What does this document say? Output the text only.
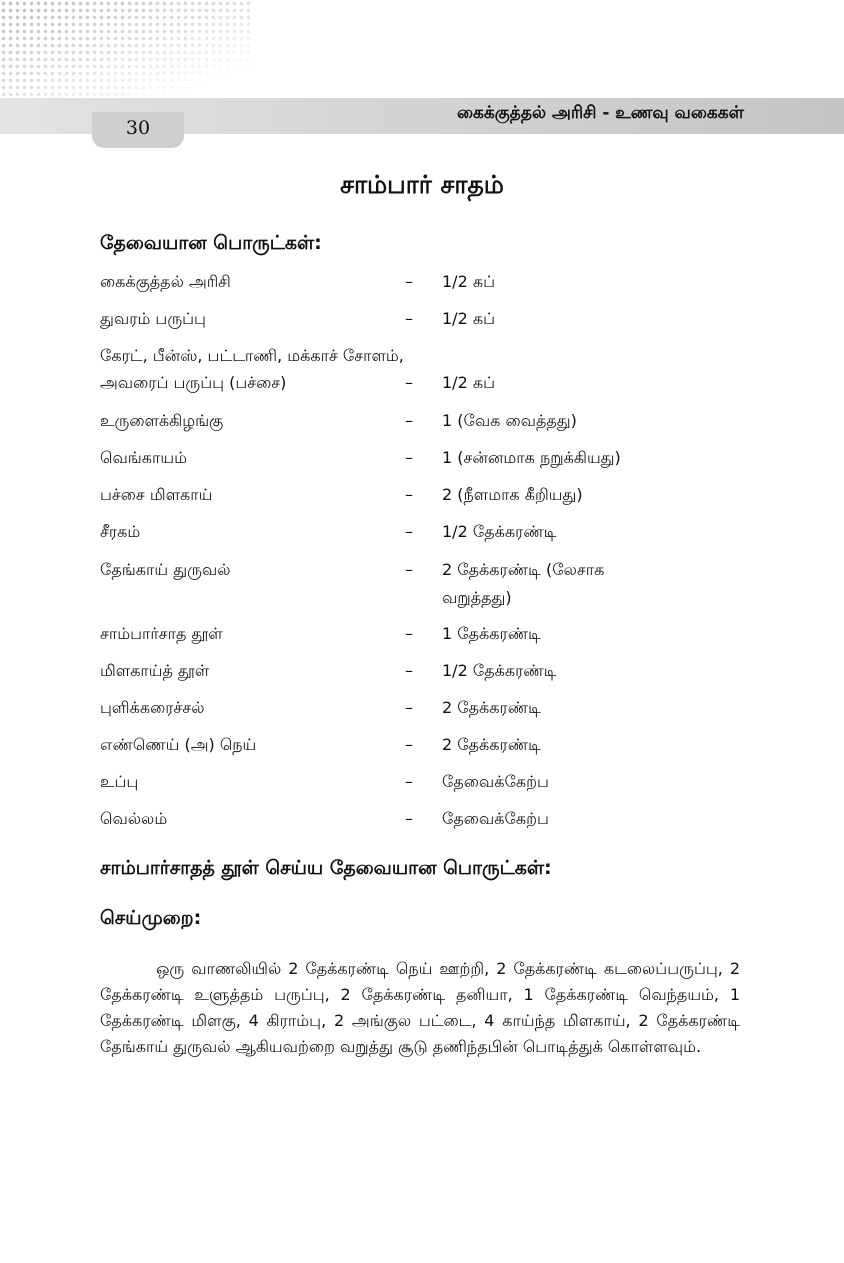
கைக்குத்தல் அரிசி - உணவு வகைகள்
30
சாம்பார் சாதம்
தேவையான பொருட்கள்:
கைக்குத்தல் அரிசி	–	1/2 கப்
துவரம் பருப்பு	–	1/2 கப்
கேரட், பீன்ஸ், பட்டாணி, மக்காச் சோளம்,
அவரைப் பருப்பு (பச்சை)	–	1/2 கப்
உருளைக்கிழங்கு	–	1 (வேக வைத்தது)
வெங்காயம்	–	1 (சன்னமாக நறுக்கியது)
பச்சை மிளகாய்	–	2 (நீளமாக கீறியது)
சீரகம்	–	1/2 தேக்கரண்டி
தேங்காய் துருவல்	–	2 தேக்கரண்டி (லேசாக
வறுத்தது)
சாம்பார்சாத தூள்	–	1 தேக்கரண்டி
மிளகாய்த் தூள்	–	1/2 தேக்கரண்டி
புளிக்கரைச்சல்	–	2 தேக்கரண்டி
எண்ணெய் (அ) நெய்	–	2 தேக்கரண்டி
உப்பு	–	தேவைக்கேற்ப
வெல்லம்	–	தேவைக்கேற்ப
சாம்பார்சாதத் தூள் செய்ய தேவையான பொருட்கள்:
செய்முறை:

ஒரு வாணலியில் 2 தேக்கரண்டி நெய் ஊற்றி, 2 தேக்கரண்டி கடலைப்பருப்பு, 2 தேக்கரண்டி உளுத்தம் பருப்பு, 2 தேக்கரண்டி தனியா, 1 தேக்கரண்டி வெந்தயம், 1 தேக்கரண்டி மிளகு, 4 கிராம்பு, 2 அங்குல பட்டை, 4 காய்ந்த மிளகாய், 2 தேக்கரண்டி தேங்காய் துருவல் ஆகியவற்றை வறுத்து சூடு தணிந்தபின் பொடித்துக் கொள்ளவும்.
